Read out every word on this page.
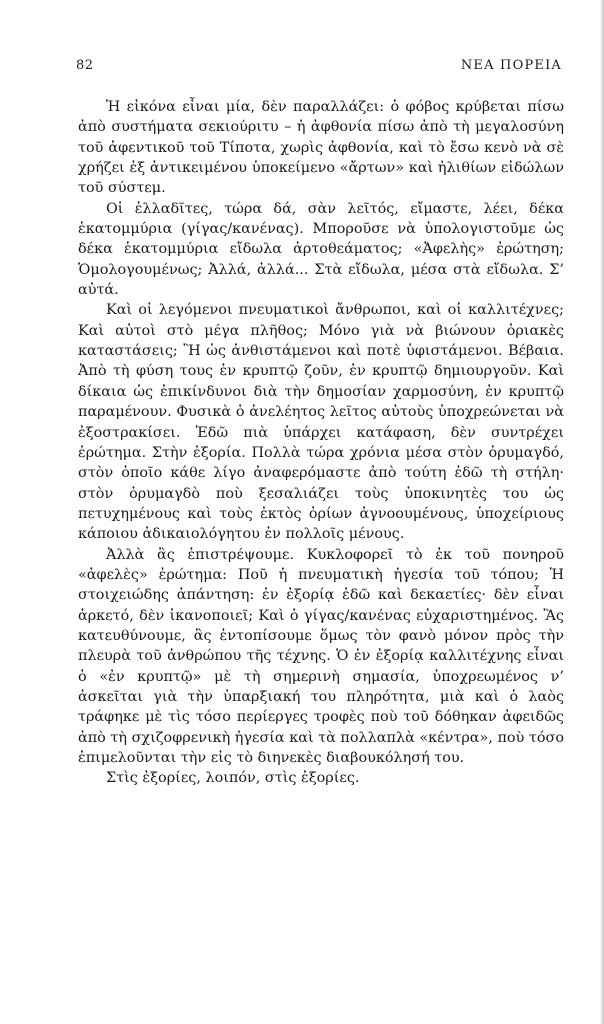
82	ΝΕΑ ΠΟΡΕΙΑ

Ἡ εἰκόνα εἶναι μία, δὲν παραλλάζει: ὁ φόβος κρύβεται πίσω ἀπὸ συστήματα σεκιούριτυ – ἡ ἀφθονία πίσω ἀπὸ τὴ μεγαλοσύνη τοῦ ἀφεντικοῦ τοῦ Τίποτα, χωρὶς ἀφθονία, καὶ τὸ ἔσω κενὸ νὰ σὲ χρήζει ἐξ ἀντικειμένου ὑποκείμενο «ἄρτων» καὶ ἠλιθίων εἰδώλων τοῦ σύστεμ.

Οἱ ἐλλαδῖτες, τώρα δά, σὰν λεῖτός, εἴμαστε, λέει, δέκα ἑκατομμύρια (γίγας/κανένας). Μποροῦσε νὰ ὑπολογιστοῦμε ὡς δέκα ἑκατομμύρια εἴδωλα ἀρτοθεάματος; «Ἀφελὴς» ἐρώτηση; Ὁμολογουμένως; Ἀλλά, ἀλλά... Στὰ εἴδωλα, μέσα στὰ εἴδωλα. Σ’ αὐτά.

Καὶ οἱ λεγόμενοι πνευματικοὶ ἄνθρωποι, καὶ οἱ καλλιτέχνες; Καὶ αὐτοὶ στὸ μέγα πλῆθος; Μόνο γιὰ νὰ βιώνουν ὁριακὲς καταστάσεις; Ἢ ὡς ἀνθιστάμενοι καὶ ποτὲ ὑφιστάμενοι. Βέβαια. Ἀπὸ τὴ φύση τους ἐν κρυπτῷ ζοῦν, ἐν κρυπτῷ δημιουργοῦν. Καὶ δίκαια ὡς ἐπικίνδυνοι διὰ τὴν δημοσίαν χαρμοσύνη, ἐν κρυπτῷ παραμένουν. Φυσικὰ ὁ ἀνελέητος λεῖτος αὐτοὺς ὑποχρεώνεται νὰ ἐξοστρακίσει. Ἐδῶ πιὰ ὑπάρχει κατάφαση, δὲν συντρέχει ἐρώτημα. Στὴν ἐξορία. Πολλὰ τώρα χρόνια μέσα στὸν ὀρυμαγδό, στὸν ὁποῖο κάθε λίγο ἀναφερόμαστε ἀπὸ τούτη ἐδῶ τὴ στήλη· στὸν ὀρυμαγδὸ ποὺ ξεσαλιάζει τοὺς ὑποκινητὲς του ὡς πετυχημένους καὶ τοὺς ἐκτὸς ὁρίων ἀγνοουμένους, ὑποχείριους κάποιου ἀδικαιολόγητου ἐν πολλοῖς μένους.

Ἀλλὰ ἂς ἐπιστρέψουμε. Κυκλοφορεῖ τὸ ἐκ τοῦ πονηροῦ «ἀφελὲς» ἐρώτημα: Ποῦ ἡ πνευματικὴ ἡγεσία τοῦ τόπου; Ἡ στοιχειώδης ἀπάντηση: ἐν ἐξορίᾳ ἐδῶ καὶ δεκαετίες· δὲν εἶναι ἀρκετό, δὲν ἱκανοποιεῖ; Καὶ ὁ γίγας/κανένας εὐχαριστημένος. Ἂς κατευθύνουμε, ἂς ἐντοπίσουμε ὅμως τὸν φανὸ μόνον πρὸς τὴν πλευρὰ τοῦ ἀνθρώπου τῆς τέχνης. Ὁ ἐν ἐξορίᾳ καλλιτέχνης εἶναι ὁ «ἐν κρυπτῷ» μὲ τὴ σημερινὴ σημασία, ὑποχρεωμένος ν’ ἀσκεῖται γιὰ τὴν ὑπαρξιακή του πληρότητα, μιὰ καὶ ὁ λαὸς τράφηκε μὲ τὶς τόσο περίεργες τροφὲς ποὺ τοῦ δόθηκαν ἀφειδῶς ἀπὸ τὴ σχιζοφρενικὴ ἡγεσία καὶ τὰ πολλαπλὰ «κέντρα», ποὺ τόσο ἐπιμελοῦνται τὴν εἰς τὸ διηνεκὲς διαβουκόλησή του.

Στὶς ἐξορίες, λοιπόν, στὶς ἐξορίες.
